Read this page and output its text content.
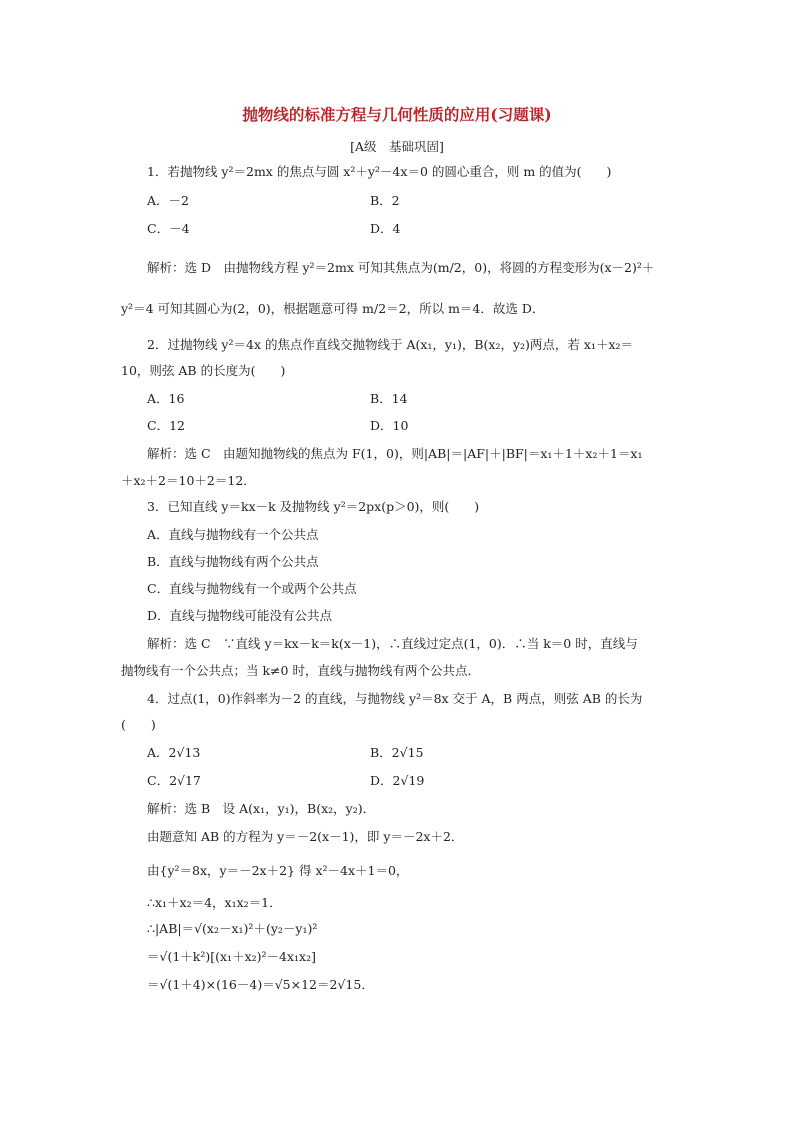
抛物线的标准方程与几何性质的应用(习题课)
[A级　基础巩固]
1．若抛物线 y²＝2mx 的焦点与圆 x²＋y²－4x＝0 的圆心重合，则 m 的值为(　　)
A．－2	B．2
C．－4	D．4
解析：选 D　由抛物线方程 y²＝2mx 可知其焦点为(m/2，0)，将圆的方程变形为(x－2)²＋
y²＝4 可知其圆心为(2，0)，根据题意可得 m/2＝2，所以 m＝4．故选 D．
2．过抛物线 y²＝4x 的焦点作直线交抛物线于 A(x₁，y₁)，B(x₂，y₂)两点，若 x₁＋x₂＝
10，则弦 AB 的长度为(　　)
A．16	B．14
C．12	D．10
解析：选 C　由题知抛物线的焦点为 F(1，0)，则|AB|＝|AF|＋|BF|＝x₁＋1＋x₂＋1＝x₁
＋x₂＋2＝10＋2＝12．
3．已知直线 y＝kx－k 及抛物线 y²＝2px(p＞0)，则(　　)
A．直线与抛物线有一个公共点
B．直线与抛物线有两个公共点
C．直线与抛物线有一个或两个公共点
D．直线与抛物线可能没有公共点
解析：选 C　∵直线 y＝kx－k＝k(x－1)，∴直线过定点(1，0)．∴当 k＝0 时，直线与
抛物线有一个公共点；当 k≠0 时，直线与抛物线有两个公共点．
4．过点(1，0)作斜率为－2 的直线，与抛物线 y²＝8x 交于 A，B 两点，则弦 AB 的长为
(　　)
A．2√13	B．2√15
C．2√17	D．2√19
解析：选 B　设 A(x₁，y₁)，B(x₂，y₂)．
由题意知 AB 的方程为 y＝－2(x－1)，即 y＝－2x＋2．
由{y²＝8x，y＝－2x＋2} 得 x²－4x＋1＝0，
∴x₁＋x₂＝4，x₁x₂＝1．
∴|AB|＝√(x₂－x₁)²＋(y₂－y₁)²
＝√(1＋k²)[(x₁＋x₂)²－4x₁x₂]
＝√(1＋4)×(16－4)＝√5×12＝2√15．
